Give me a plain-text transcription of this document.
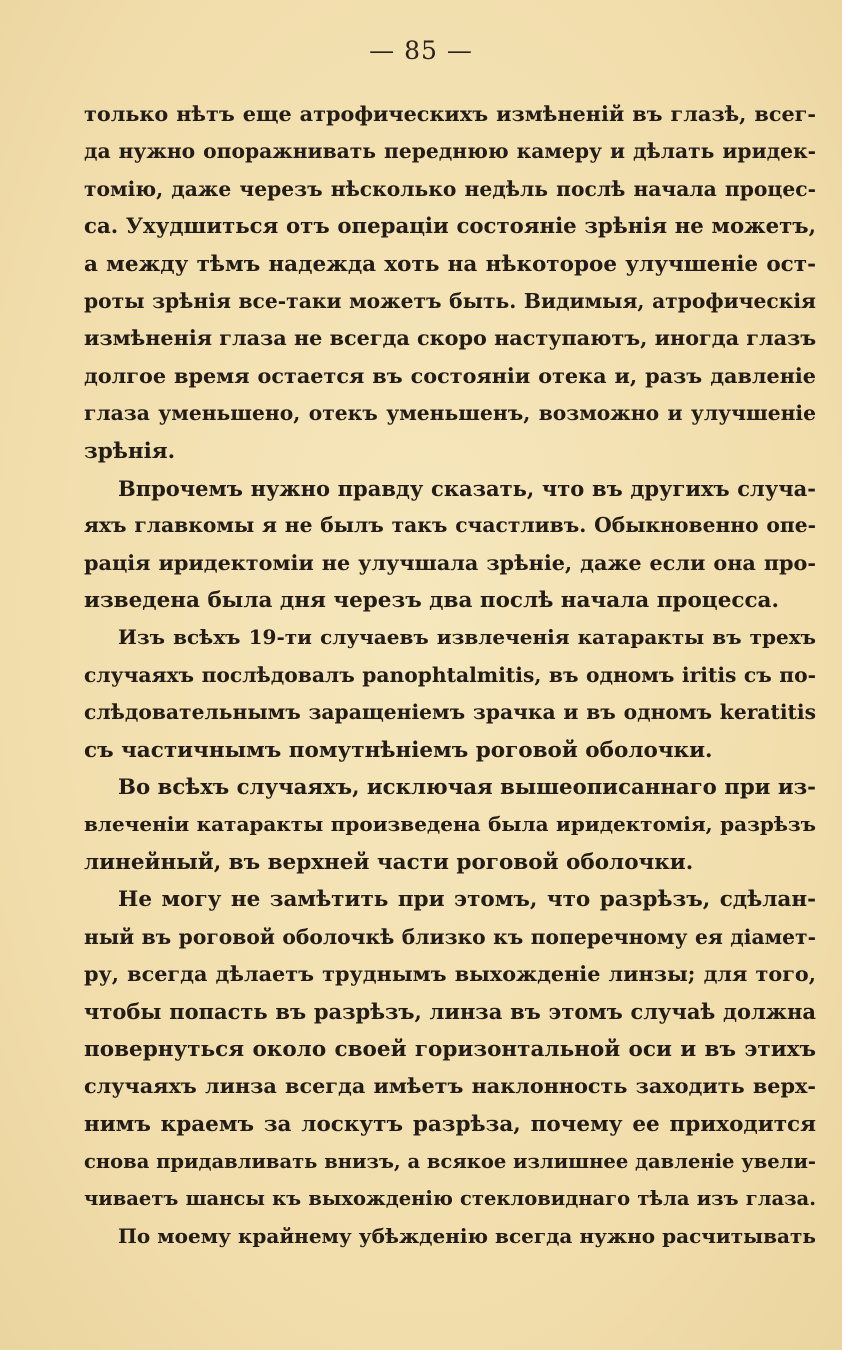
— 85 —
только нѣтъ еще атрофическихъ измѣненій въ глазѣ, всег-
да нужно опоражнивать переднюю камеру и дѣлать иридек-
томію, даже черезъ нѣсколько недѣль послѣ начала процес-
са. Ухудшиться отъ операціи состояніе зрѣнія не можетъ,
а между тѣмъ надежда хоть на нѣкоторое улучшеніе ост-
роты зрѣнія все-таки можетъ быть. Видимыя, атрофическія
измѣненія глаза не всегда скоро наступаютъ, иногда глазъ
долгое время остается въ состояніи отека и, разъ давленіе
глаза уменьшено, отекъ уменьшенъ, возможно и улучшеніе
зрѣнія.
Впрочемъ нужно правду сказать, что въ другихъ случа-
яхъ главкомы я не былъ такъ счастливъ. Обыкновенно опе-
рація иридектоміи не улучшала зрѣніе, даже если она про-
изведена была дня черезъ два послѣ начала процесса.
Изъ всѣхъ 19-ти случаевъ извлеченія катаракты въ трехъ
случаяхъ послѣдовалъ panophtalmitis, въ одномъ iritis съ по-
слѣдовательнымъ заращеніемъ зрачка и въ одномъ keratitis
съ частичнымъ помутнѣніемъ роговой оболочки.
Во всѣхъ случаяхъ, исключая вышеописаннаго при из-
влеченіи катаракты произведена была иридектомія, разрѣзъ
линейный, въ верхней части роговой оболочки.
Не могу не замѣтить при этомъ, что разрѣзъ, сдѣлан-
ный въ роговой оболочкѣ близко къ поперечному ея діамет-
ру, всегда дѣлаетъ труднымъ выхожденіе линзы; для того,
чтобы попасть въ разрѣзъ, линза въ этомъ случаѣ должна
повернуться около своей горизонтальной оси и въ этихъ
случаяхъ линза всегда имѣетъ наклонность заходить верх-
нимъ краемъ за лоскутъ разрѣза, почему ее приходится
снова придавливать внизъ, а всякое излишнее давленіе увели-
чиваетъ шансы къ выхожденію стекловиднаго тѣла изъ глаза.
По моему крайнему убѣжденію всегда нужно расчитывать
